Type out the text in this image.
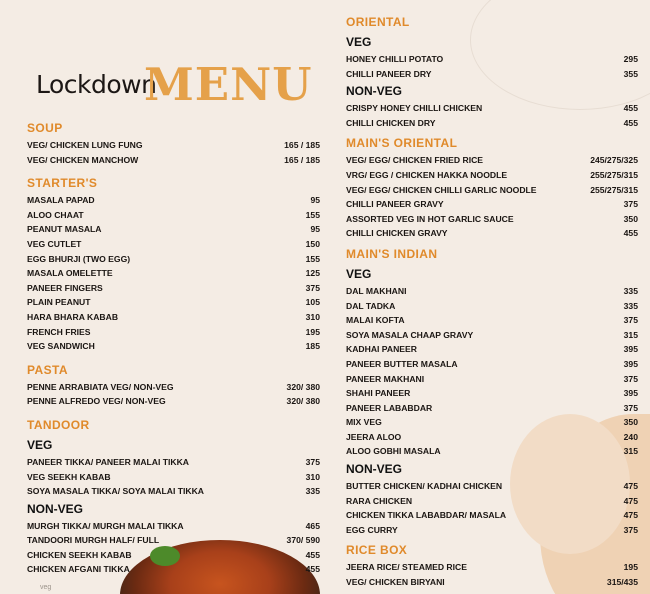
veg
Lockdown
MENU
SOUP
VEG/ CHICKEN LUNG FUNG	165 / 185
VEG/ CHICKEN MANCHOW	165 / 185
STARTER'S
MASALA PAPAD	95
ALOO CHAAT	155
PEANUT MASALA	95
VEG CUTLET	150
EGG BHURJI (TWO EGG)	155
MASALA OMELETTE	125
PANEER FINGERS	375
PLAIN PEANUT	105
HARA BHARA KABAB	310
FRENCH FRIES	195
VEG SANDWICH	185
PASTA
PENNE ARRABIATA VEG/ NON-VEG	320/ 380
PENNE ALFREDO VEG/ NON-VEG	320/ 380
TANDOOR
VEG
PANEER TIKKA/ PANEER MALAI TIKKA	375
VEG SEEKH KABAB	310
SOYA MASALA TIKKA/ SOYA MALAI TIKKA	335
NON-VEG
MURGH TIKKA/ MURGH MALAI TIKKA	465
TANDOORI MURGH HALF/ FULL	370/ 590
CHICKEN SEEKH KABAB	455
CHICKEN AFGANI TIKKA	455
ORIENTAL
VEG
HONEY CHILLI POTATO	295
CHILLI PANEER DRY	355
NON-VEG
CRISPY HONEY CHILLI CHICKEN	455
CHILLI CHICKEN DRY	455
MAIN'S ORIENTAL
VEG/ EGG/ CHICKEN FRIED RICE	245/275/325
VRG/ EGG / CHICKEN HAKKA NOODLE	255/275/315
VEG/ EGG/ CHICKEN CHILLI GARLIC NOODLE	255/275/315
CHILLI PANEER GRAVY	375
ASSORTED VEG IN HOT GARLIC SAUCE	350
CHILLI CHICKEN GRAVY	455
MAIN'S INDIAN
VEG
DAL MAKHANI	335
DAL TADKA	335
MALAI KOFTA	375
SOYA MASALA CHAAP GRAVY	315
KADHAI PANEER	395
PANEER BUTTER MASALA	395
PANEER MAKHANI	375
SHAHI PANEER	395
PANEER LABABDAR	375
MIX VEG	350
JEERA ALOO	240
ALOO GOBHI MASALA	315
NON-VEG
BUTTER CHICKEN/ KADHAI CHICKEN	475
RARA CHICKEN	475
CHICKEN TIKKA LABABDAR/ MASALA	475
EGG CURRY	375
RICE BOX
JEERA RICE/ STEAMED RICE	195
VEG/ CHICKEN BIRYANI	315/435
